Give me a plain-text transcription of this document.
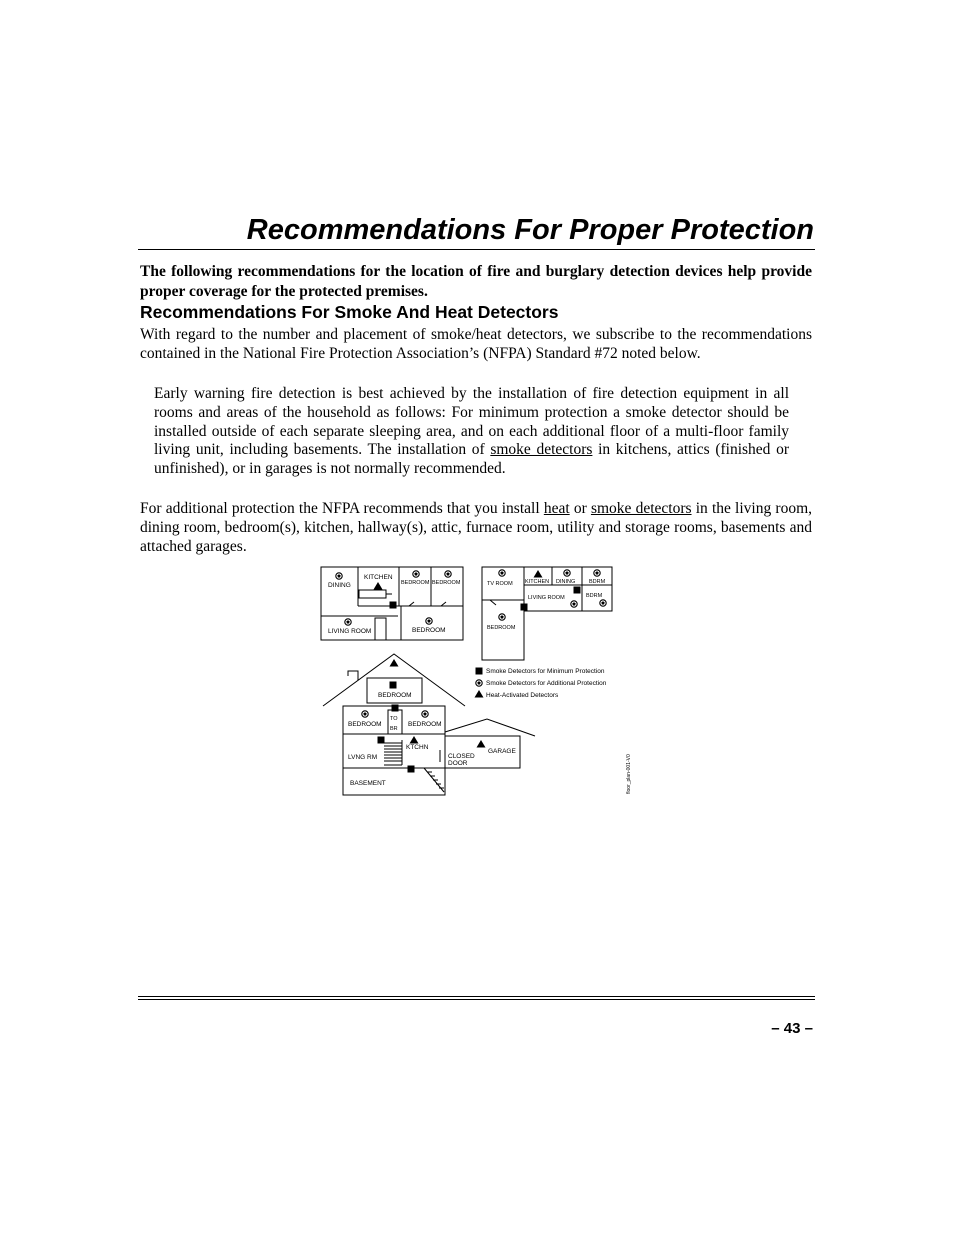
Recommendations For Proper Protection

The following recommendations for the location of fire and burglary detection devices help provide proper coverage for the protected premises.

Recommendations For Smoke And Heat Detectors

With regard to the number and placement of smoke/heat detectors, we subscribe to the recommendations contained in the National Fire Protection Association’s (NFPA) Standard #72 noted below.

Early warning fire detection is best achieved by the installation of fire detection equipment in all rooms and areas of the household as follows: For minimum protection a smoke detector should be installed outside of each separate sleeping area, and on each additional floor of a multi-floor family living unit, including basements. The installation of smoke detectors in kitchens, attics (finished or unfinished), or in garages is not normally recommended.

For additional protection the NFPA recommends that you install heat or smoke detectors in the living room, dining room, bedroom(s), kitchen, hallway(s), attic, furnace room, utility and storage rooms, basements and attached garages.

DINING
KITCHEN
BEDROOM BEDROOM
LIVING ROOM	BEDROOM
TV ROOM KITCHEN DINING	BDRM
LIVING ROOM	BDRM
BEDROOM
BEDROOM
BEDROOM
TO
BR
BEDROOM
LVNG RM
KTCHN
CLOSED
DOOR
GARAGE
BASEMENT
Smoke Detectors for Minimum Protection
Smoke Detectors for Additional Protection
Heat-Activated Detectors
floor_plan-001-V0

– 43 –
